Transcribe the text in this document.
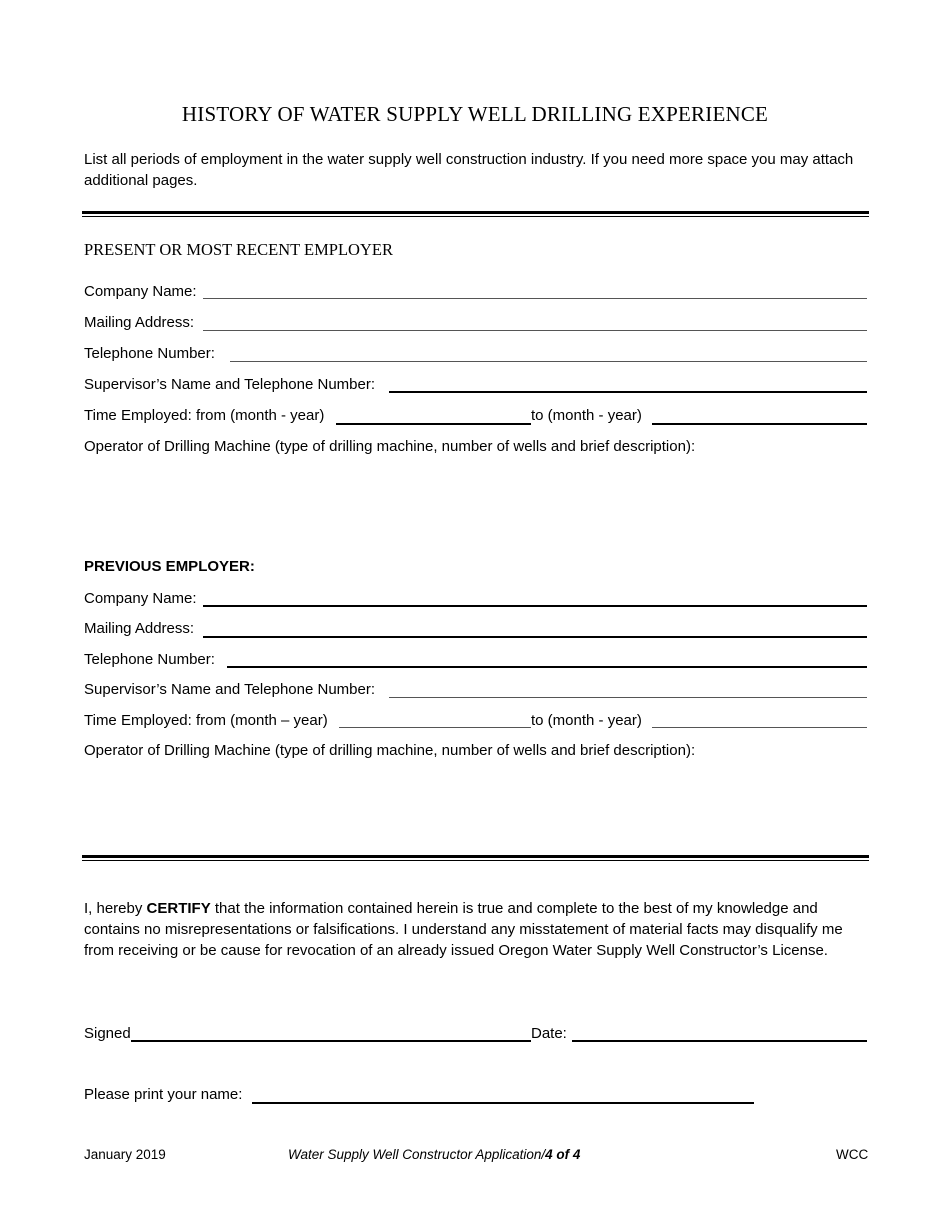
HISTORY OF WATER SUPPLY WELL DRILLING EXPERIENCE
List all periods of employment in the water supply well construction industry. If you need more space you may attach additional pages.
PRESENT OR MOST RECENT EMPLOYER
Company Name:
Mailing Address:
Telephone Number:
Supervisor’s Name and Telephone Number:
Time Employed: from (month - year)	to (month - year)
Operator of Drilling Machine (type of drilling machine, number of wells and brief description):
PREVIOUS EMPLOYER:
Company Name:
Mailing Address:
Telephone Number:
Supervisor’s Name and Telephone Number:
Time Employed: from (month – year)	to (month - year)
Operator of Drilling Machine (type of drilling machine, number of wells and brief description):
I, hereby CERTIFY that the information contained herein is true and complete to the best of my knowledge and contains no misrepresentations or falsifications. I understand any misstatement of material facts may disqualify me from receiving or be cause for revocation of an already issued Oregon Water Supply Well Constructor’s License.
Signed	Date:
Please print your name:
January 2019	Water Supply Well Constructor Application/4 of 4	WCC
